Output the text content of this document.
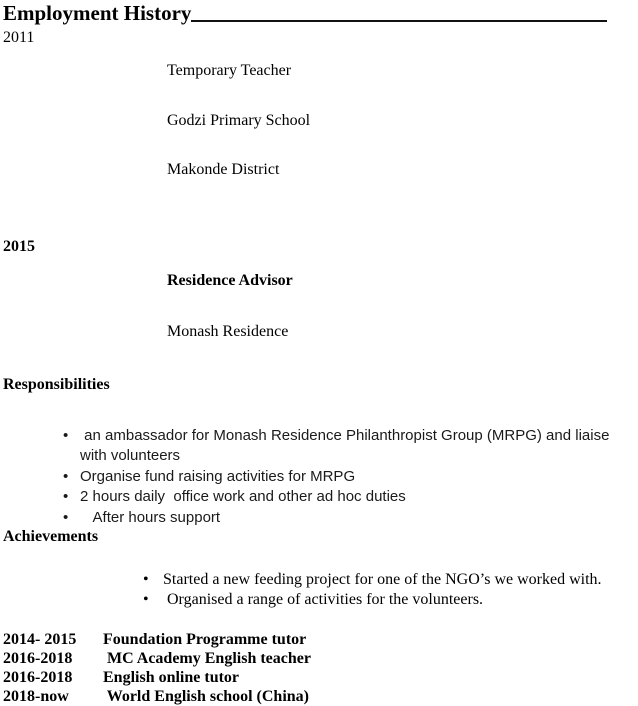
Employment History
2011

Temporary Teacher

Godzi Primary School

Makonde District

2015

Residence Advisor

Monash Residence

Responsibilities
• an ambassador for Monash Residence Philanthropist Group (MRPG) and liaise with volunteers
• Organise fund raising activities for MRPG
• 2 hours daily  office work and other ad hoc duties
• After hours support
Achievements
• Started a new feeding project for one of the NGO’s we worked with.
• Organised a range of activities for the volunteers.
2014- 2015	Foundation Programme tutor
2016-2018	MC Academy English teacher
2016-2018	English online tutor
2018-now	World English school (China)
